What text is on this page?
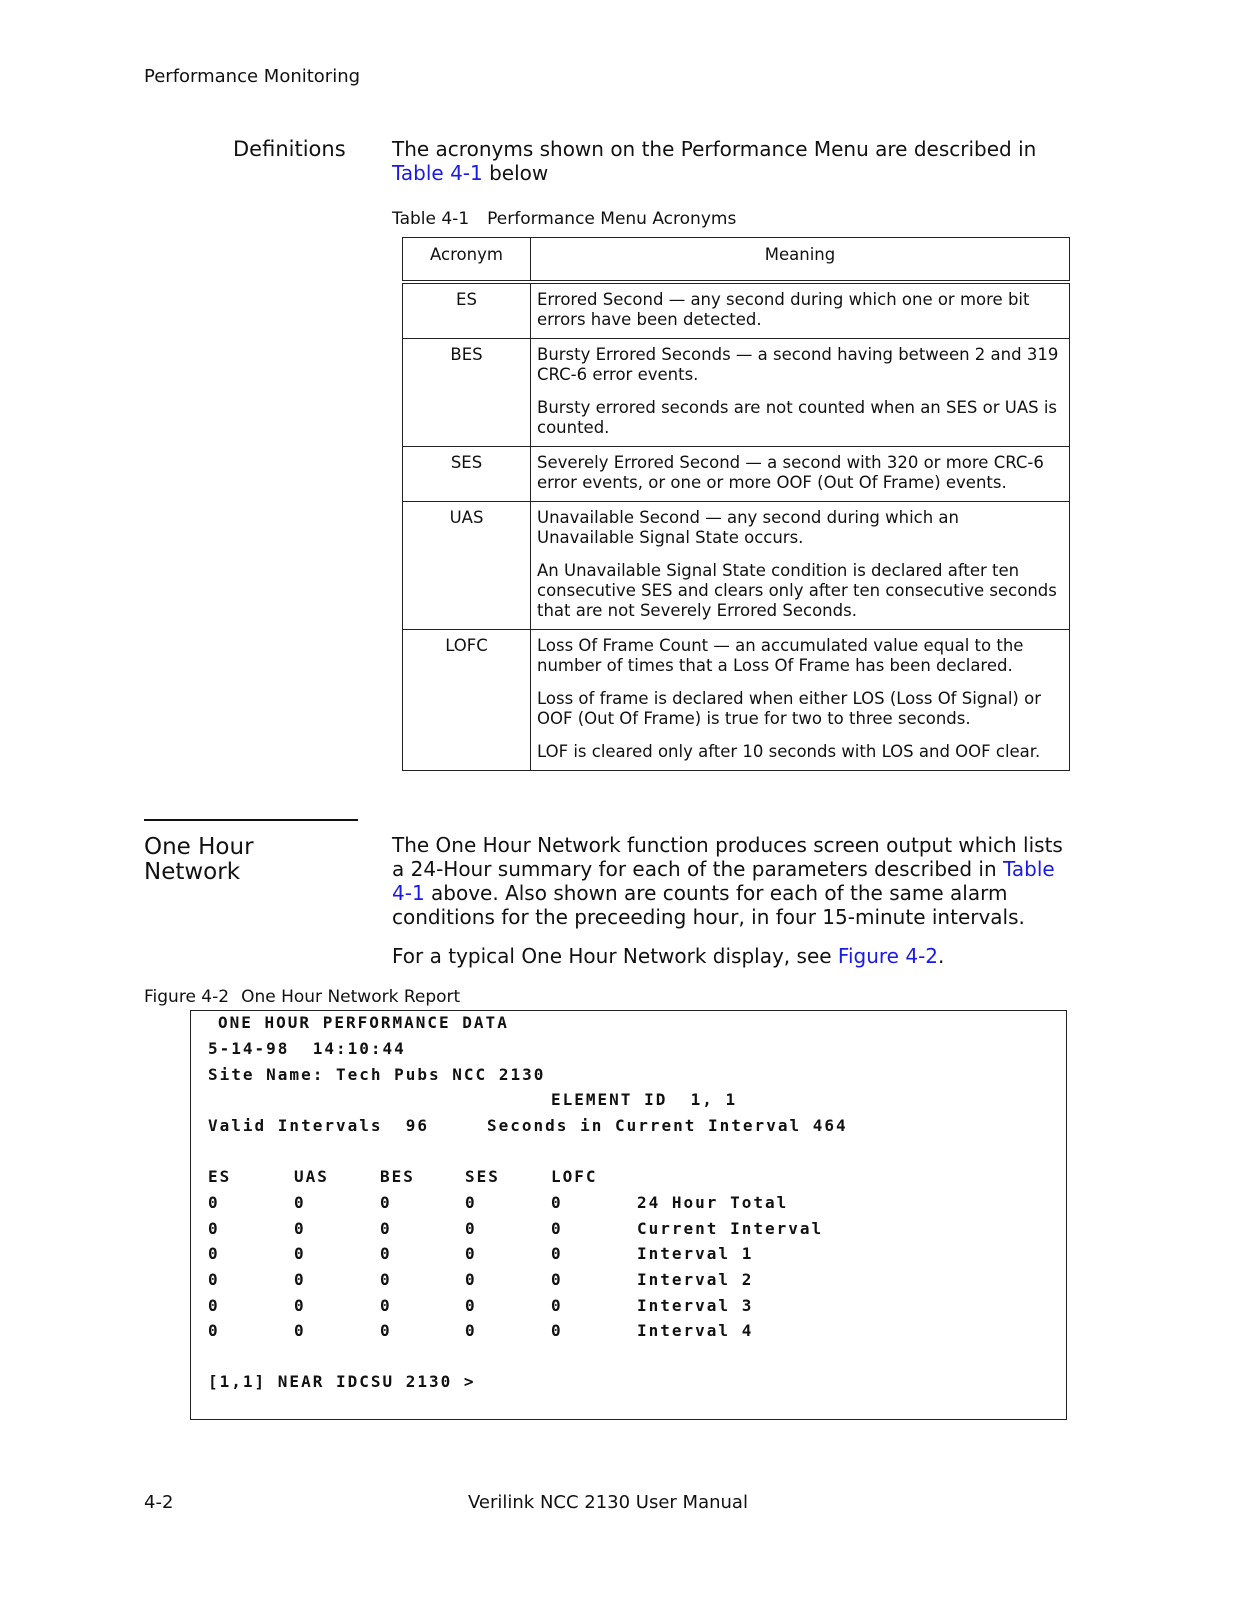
Performance Monitoring
Definitions The acronyms shown on the Performance Menu are described in Table 4-1 below
Table 4-1 Performance Menu Acronyms
Acronym	Meaning
ES	Errored Second — any second during which one or more bit errors have been detected.

BES	Bursty Errored Seconds — a second having between 2 and 319 CRC-6 error events.

Bursty errored seconds are not counted when an SES or UAS is counted.

SES	Severely Errored Second — a second with 320 or more CRC-6 error events, or one or more OOF (Out Of Frame) events.

UAS	Unavailable Second — any second during which an Unavailable Signal State occurs.

An Unavailable Signal State condition is declared after ten consecutive SES and clears only after ten consecutive seconds that are not Severely Errored Seconds.

LOFC	Loss Of Frame Count — an accumulated value equal to the number of times that a Loss Of Frame has been declared.

Loss of frame is declared when either LOS (Loss Of Signal) or OOF (Out Of Frame) is true for two to three seconds.

LOF is cleared only after 10 seconds with LOS and OOF clear.

One Hour Network

The One Hour Network function produces screen output which lists a 24-Hour summary for each of the parameters described in Table 4-1 above. Also shown are counts for each of the same alarm conditions for the preceeding hour, in four 15-minute intervals.

For a typical One Hour Network display, see Figure 4-2.

Figure 4-2 One Hour Network Report
ONE HOUR PERFORMANCE DATA
5-14-98  14:10:44
Site Name: Tech Pubs NCC 2130
ELEMENT ID  1, 1
Valid Intervals  96	Seconds in Current Interval 464
ES	UAS	BES	SES	LOFC
0	0	0	0	0	24 Hour Total
0	0	0	0	0	Current Interval
0	0	0	0	0	Interval 1
0	0	0	0	0	Interval 2
0	0	0	0	0	Interval 3
0	0	0	0	0	Interval 4
[1,1] NEAR IDCSU 2130 >
4-2	Verilink NCC 2130 User Manual
